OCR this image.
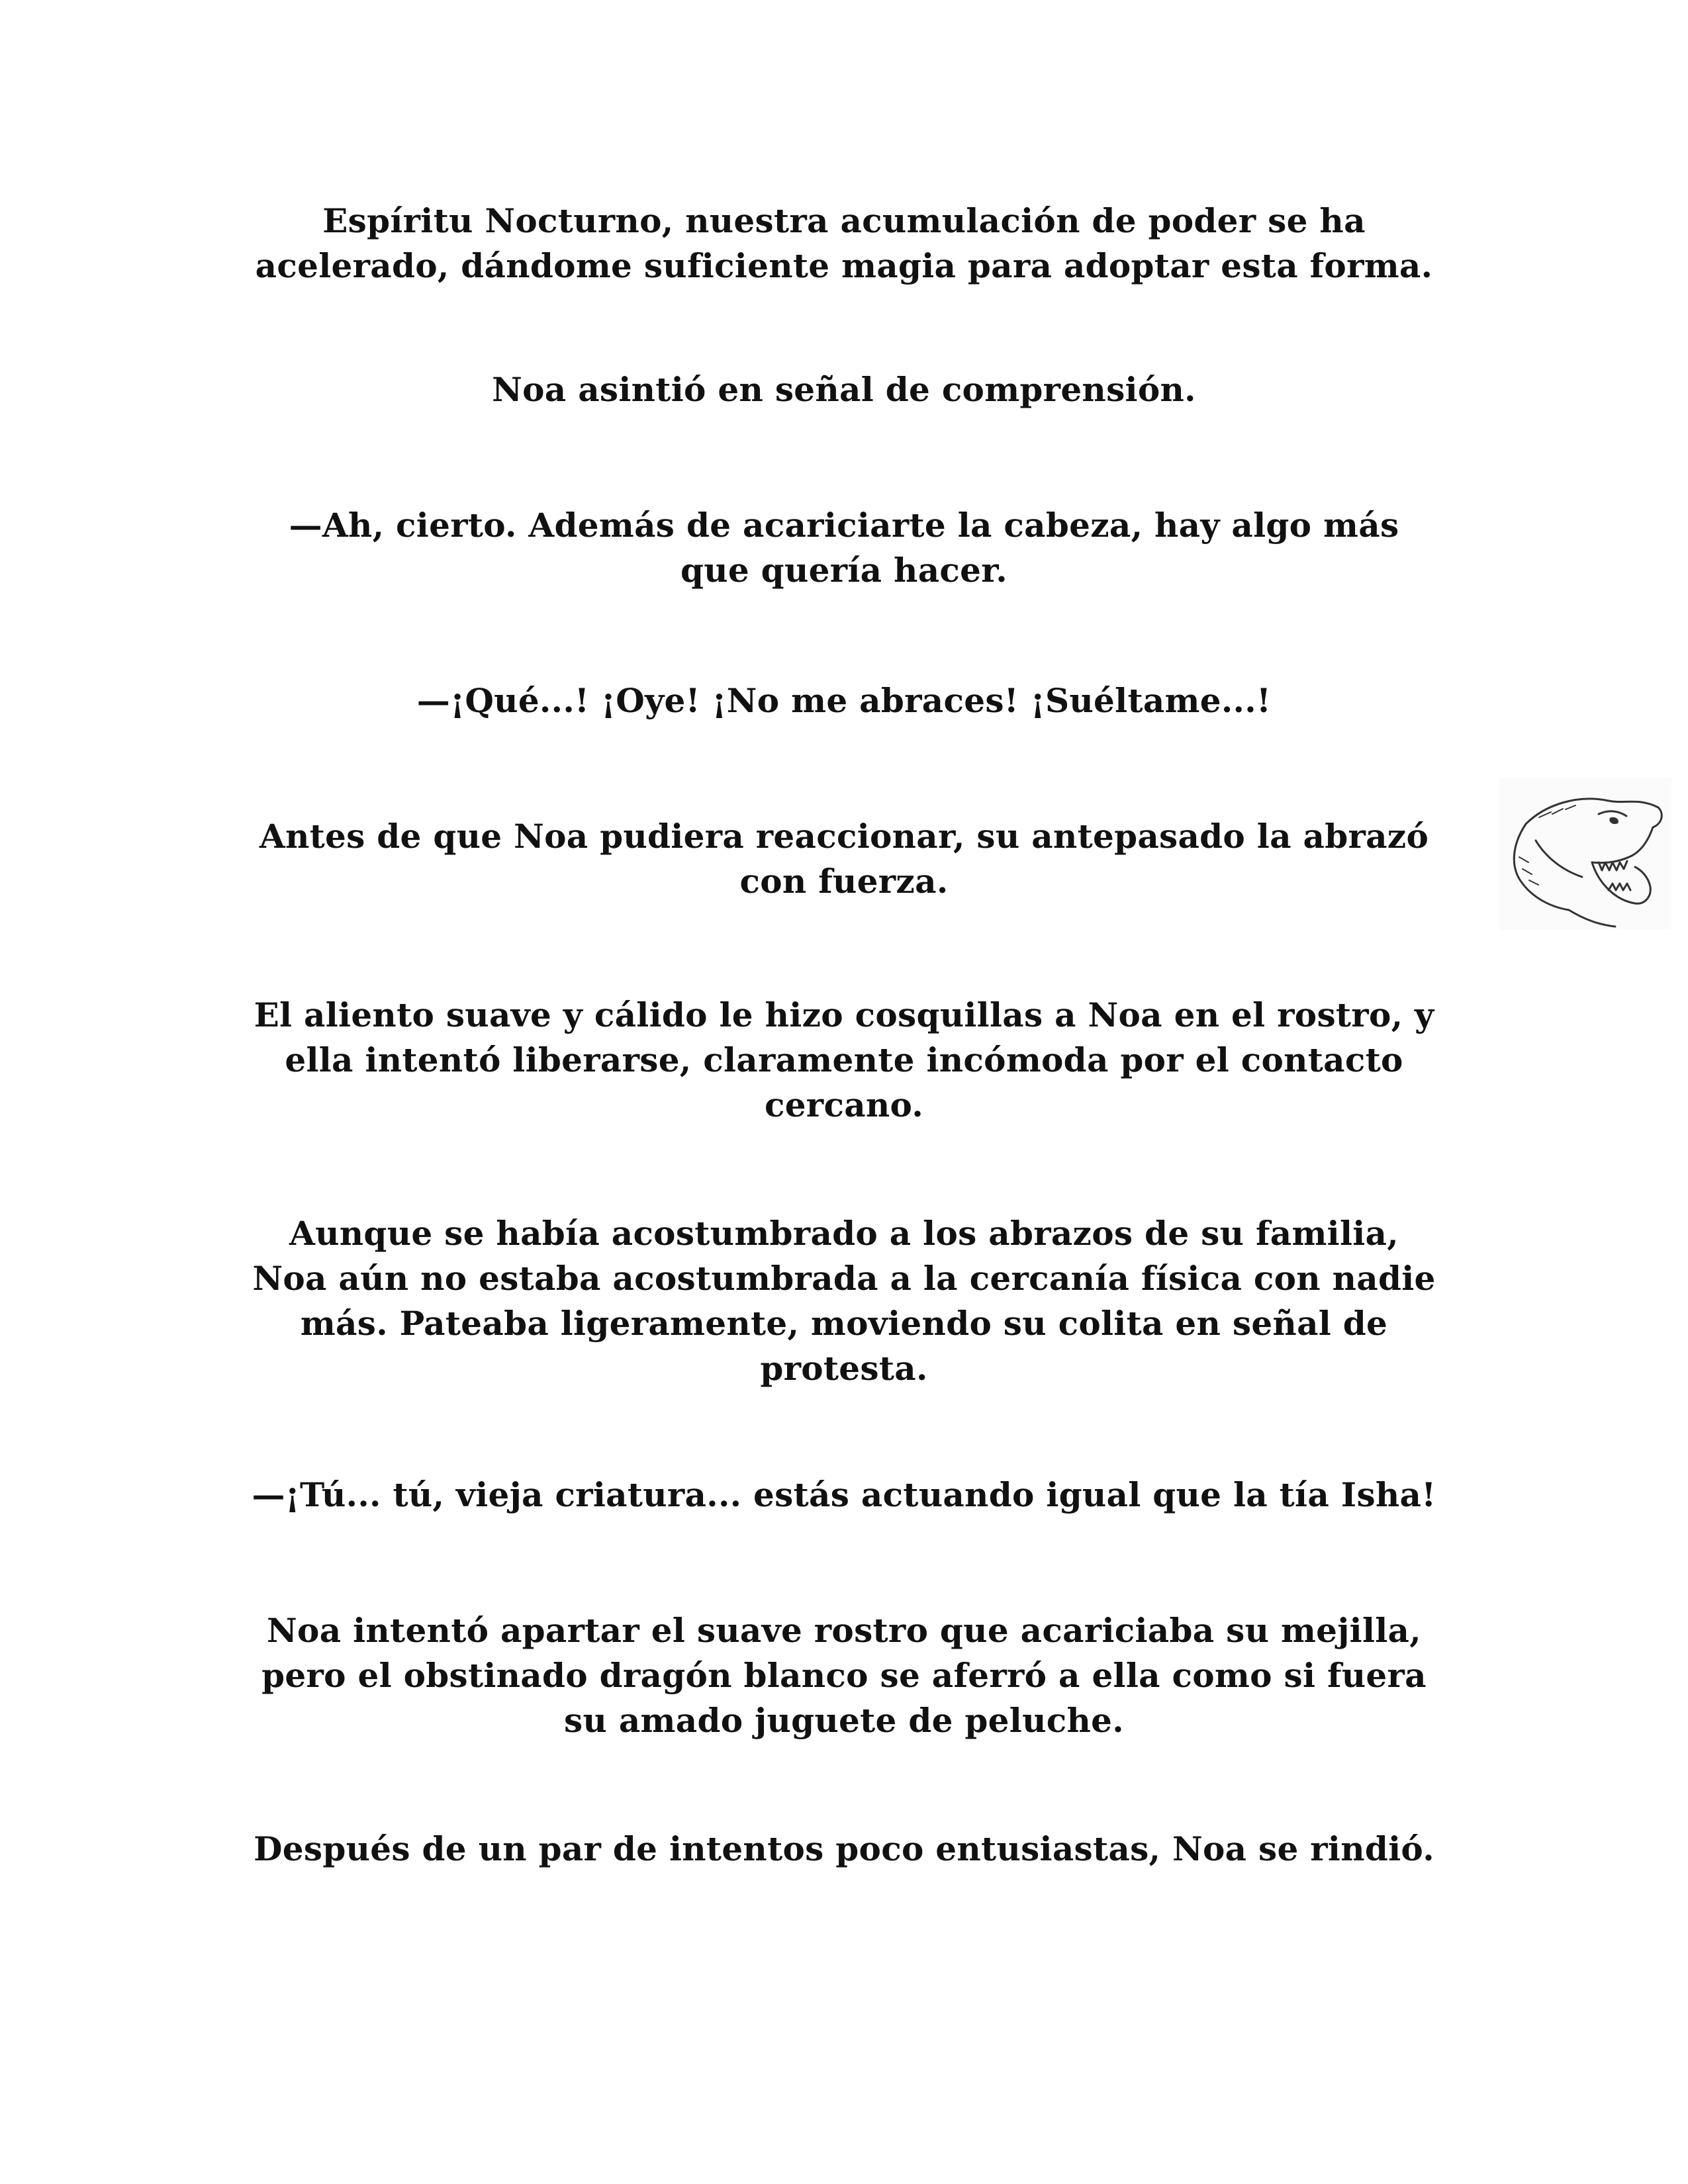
Espíritu Nocturno, nuestra acumulación de poder se ha
acelerado, dándome suficiente magia para adoptar esta forma.

Noa asintió en señal de comprensión.

—Ah, cierto. Además de acariciarte la cabeza, hay algo más
que quería hacer.

—¡Qué...! ¡Oye! ¡No me abraces! ¡Suéltame...!

Antes de que Noa pudiera reaccionar, su antepasado la abrazó
con fuerza.

El aliento suave y cálido le hizo cosquillas a Noa en el rostro, y
ella intentó liberarse, claramente incómoda por el contacto
cercano.

Aunque se había acostumbrado a los abrazos de su familia,
Noa aún no estaba acostumbrada a la cercanía física con nadie
más. Pateaba ligeramente, moviendo su colita en señal de
protesta.

—¡Tú... tú, vieja criatura... estás actuando igual que la tía Isha!

Noa intentó apartar el suave rostro que acariciaba su mejilla,
pero el obstinado dragón blanco se aferró a ella como si fuera
su amado juguete de peluche.

Después de un par de intentos poco entusiastas, Noa se rindió.
